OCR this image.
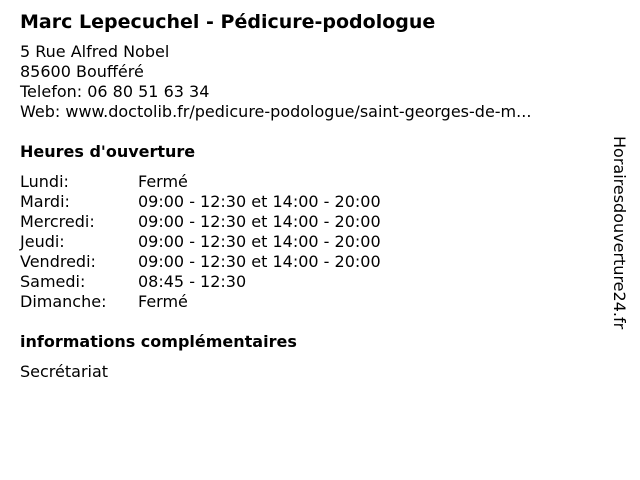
Marc Lepecuchel - Pédicure-podologue
5 Rue Alfred Nobel
85600 Boufféré
Telefon: 06 80 51 63 34
Web: www.doctolib.fr/pedicure-podologue/saint-georges-de-m...
Heures d'ouverture
Lundi:	Fermé
Mardi:	09:00 - 12:30 et 14:00 - 20:00
Mercredi:	09:00 - 12:30 et 14:00 - 20:00
Jeudi:	09:00 - 12:30 et 14:00 - 20:00
Vendredi:	09:00 - 12:30 et 14:00 - 20:00
Samedi:	08:45 - 12:30
Dimanche:	Fermé
informations complémentaires
Secrétariat
Horairesdouverture24.fr
